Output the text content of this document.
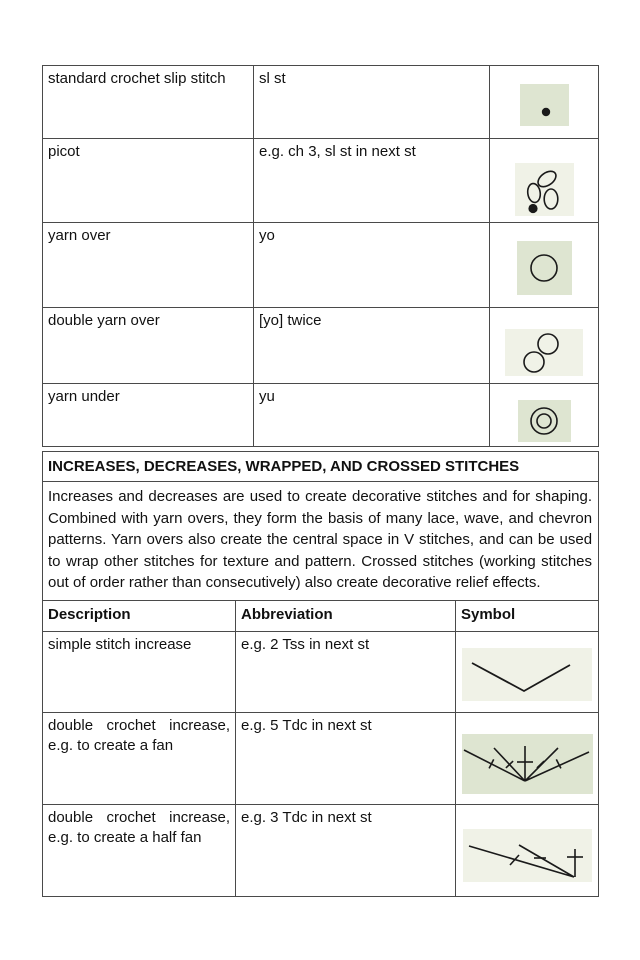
standard crochet slip stitch	sl st	
picot	e.g. ch 3, sl st in next st	
yarn over	yo	
double yarn over	[yo] twice	
yarn under	yu	
INCREASES, DECREASES, WRAPPED, AND CROSSED STITCHES		
Increases and decreases are used to create decorative stitches and for shaping. Combined with yarn overs, they form the basis of many lace, wave, and chevron patterns. Yarn overs also create the central space in V stitches, and can be used to wrap other stitches for texture and pattern. Crossed stitches (working stitches out of order rather than consecutively) also create decorative relief effects.		
Description	Abbreviation	Symbol
simple stitch increase	e.g. 2 Tss in next st	
double crochet increase, e.g. to create a fan	e.g. 5 Tdc in next st	
double crochet increase, e.g. to create a half fan	e.g. 3 Tdc in next st	
